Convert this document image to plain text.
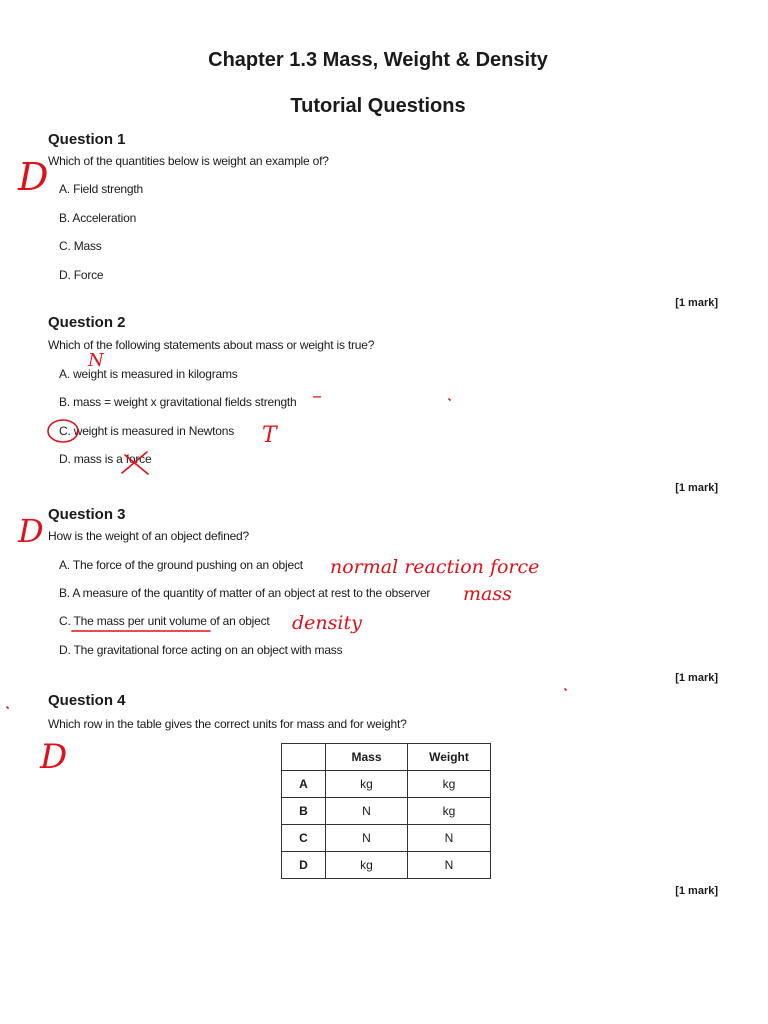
Chapter 1.3 Mass, Weight & Density
Tutorial Questions
Question 1
Which of the quantities below is weight an example of?
A. Field strength
B. Acceleration
C. Mass
D. Force
[1 mark]
Question 2
Which of the following statements about mass or weight is true?
A. weight is measured in kilograms
B. mass = weight x gravitational fields strength
C. weight is measured in Newtons
D. mass is a force
[1 mark]
Question 3
How is the weight of an object defined?
A. The force of the ground pushing on an object
B. A measure of the quantity of matter of an object at rest to the observer
C. The mass per unit volume of an object
D. The gravitational force acting on an object with mass
[1 mark]
Question 4
Which row in the table gives the correct units for mass and for weight?
	Mass	Weight
A	kg	kg
B	N	kg
C	N	N
D	kg	N
[1 mark]
D
N
–
T
D
normal reaction force
mass
density
D
